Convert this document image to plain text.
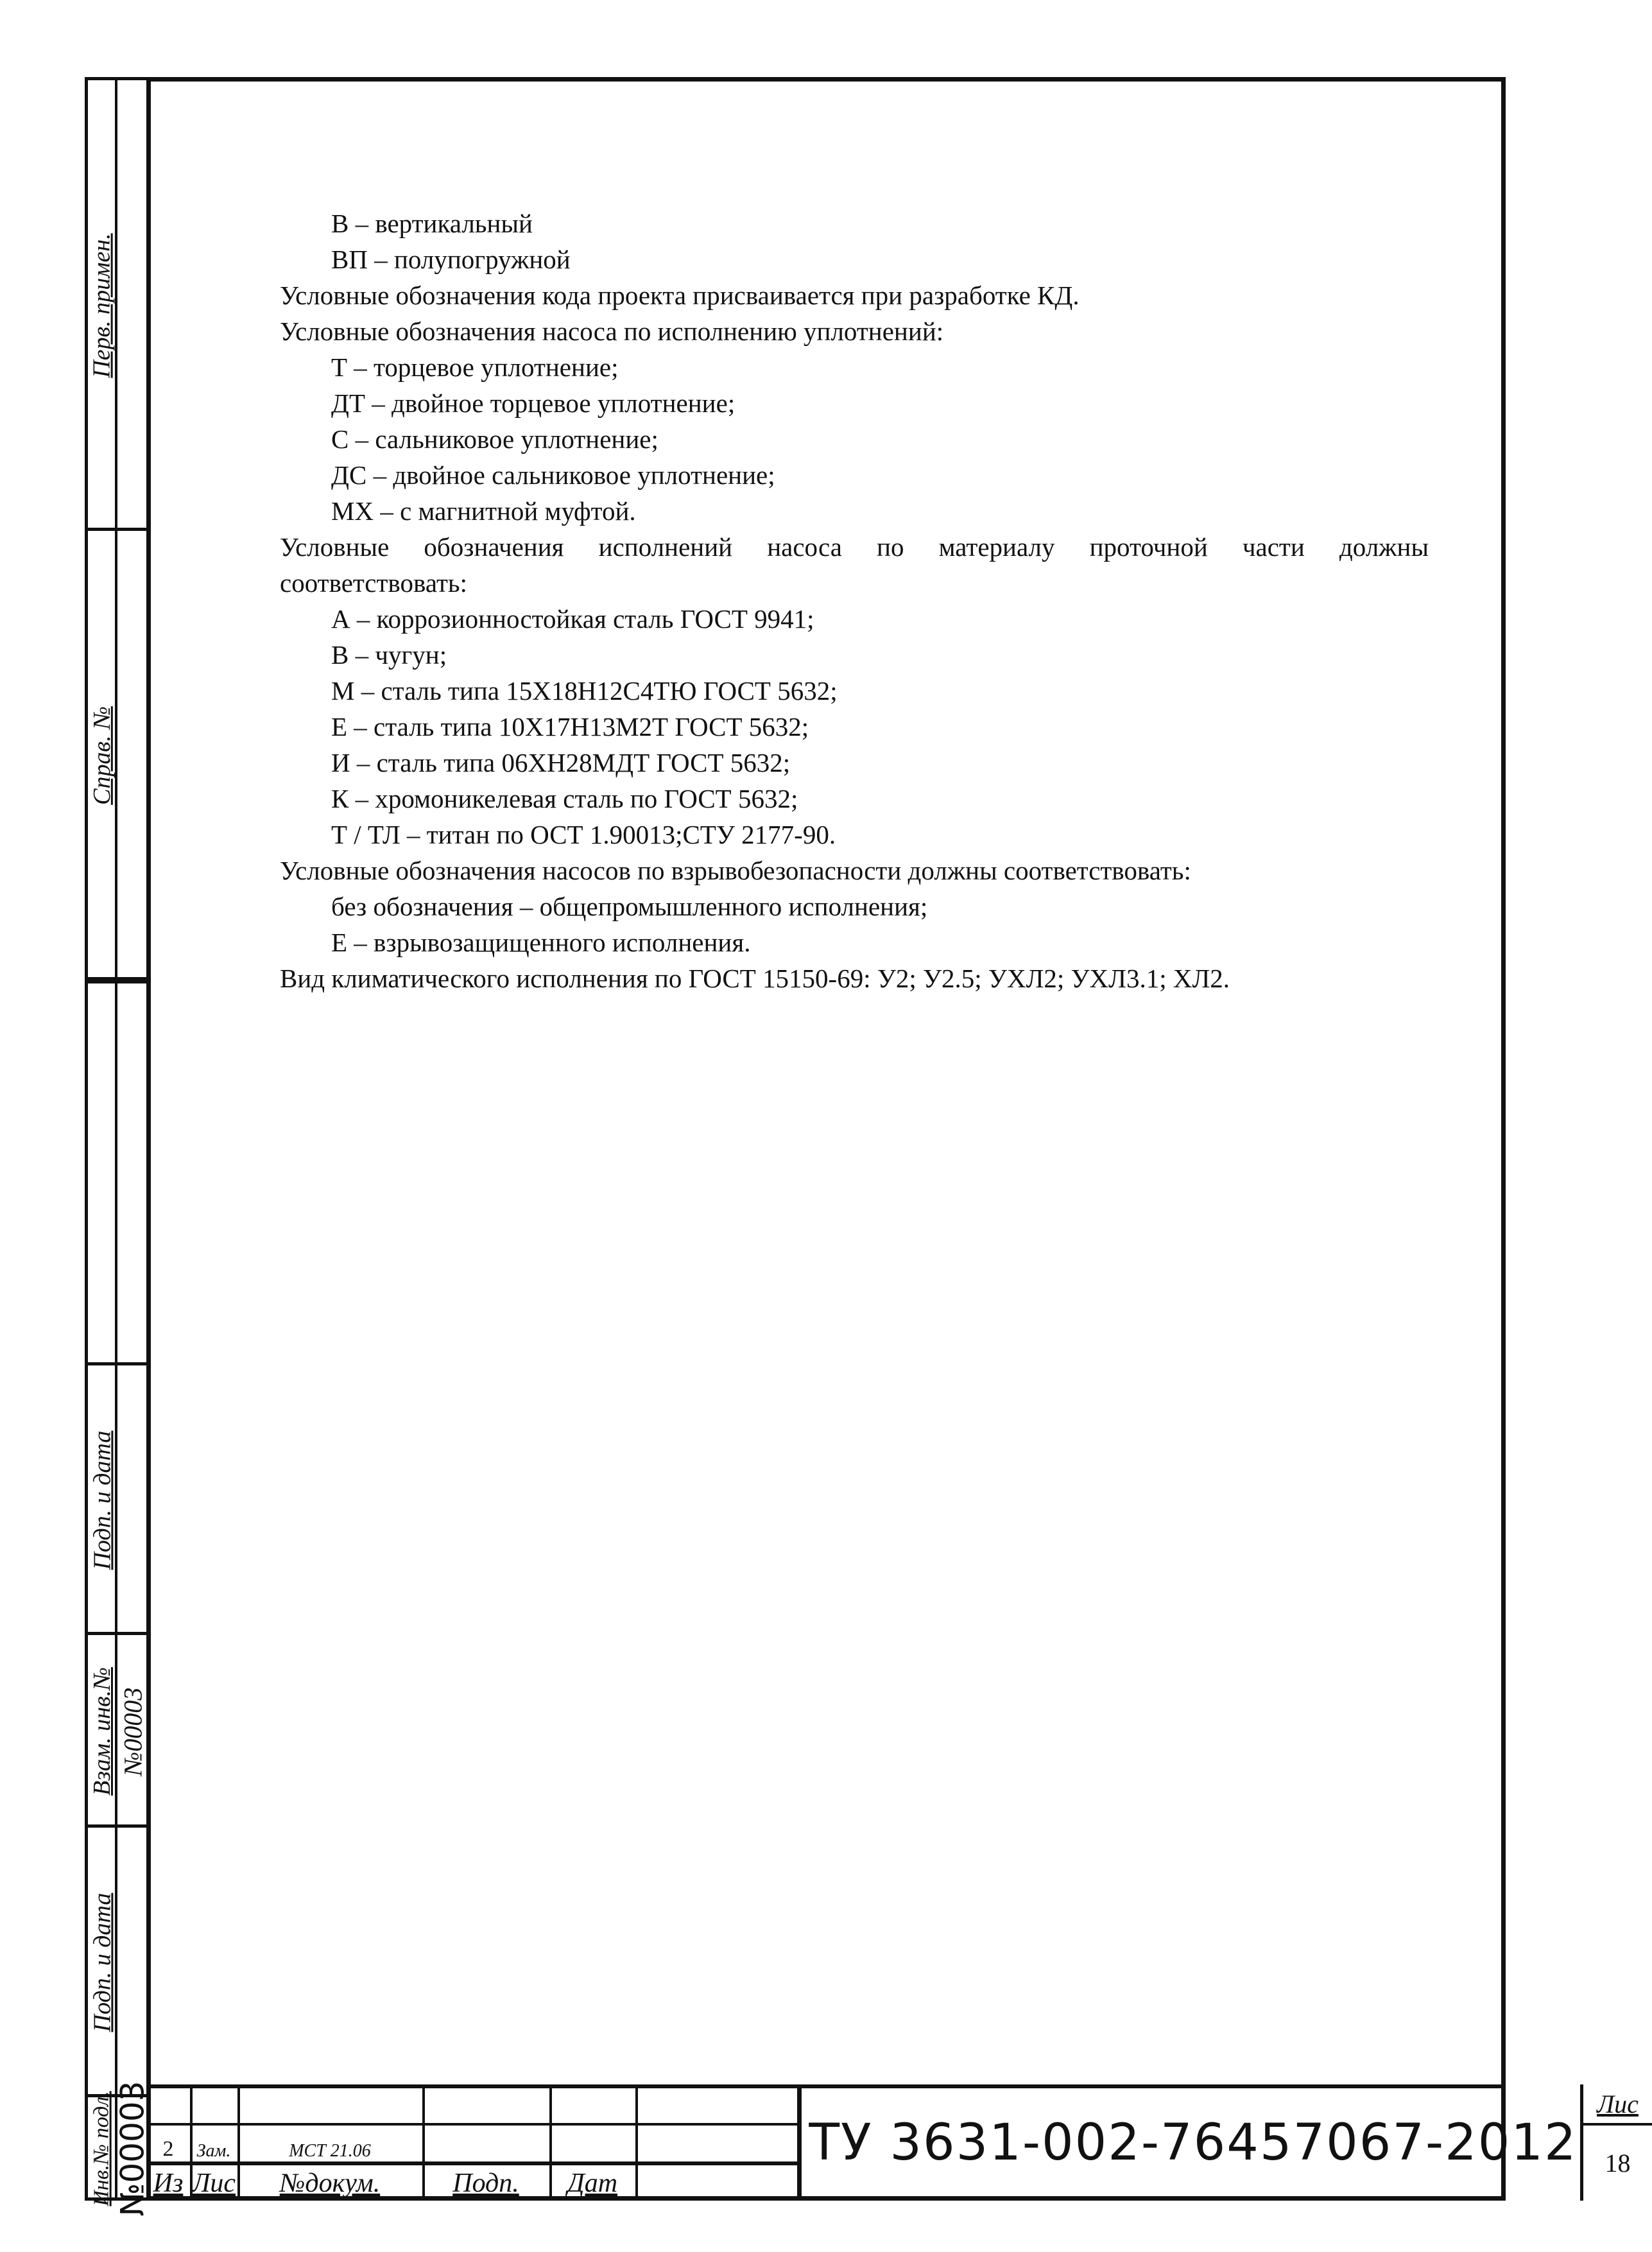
Перв. примен.
Справ. №
Подп. и дата
Взам. инв.№ №00003
Подп. и дата
Инв.№ подл. №00003

В – вертикальный

ВП – полупогружной

Условные обозначения кода проекта присваивается при разработке КД.

Условные обозначения насоса по исполнению уплотнений:

Т – торцевое уплотнение;

ДТ – двойное торцевое уплотнение;

С – сальниковое уплотнение;

ДС – двойное сальниковое уплотнение;

МХ – с магнитной муфтой.

Условные обозначения исполнений насоса по материалу проточной части должны

соответствовать:

А – коррозионностойкая сталь ГОСТ 9941;

В – чугун;

М – сталь типа 15Х18Н12С4ТЮ ГОСТ 5632;

Е – сталь типа 10Х17Н13М2Т ГОСТ 5632;

И – сталь типа 06ХН28МДТ ГОСТ 5632;

К – хромоникелевая сталь по ГОСТ 5632;

Т / ТЛ – титан по ОСТ 1.90013;СТУ 2177-90.

Условные обозначения насосов по взрывобезопасности должны соответствовать:

без обозначения – общепромышленного исполнения;

Е – взрывозащищенного исполнения.

Вид климатического исполнения по ГОСТ 15150-69: У2; У2.5; УХЛ2; УХЛ3.1; ХЛ2.

2	Зам.	МСТ 21.06
Из Лис	№докум.	Подп.	Дат
ТУ 3631-002-76457067-2012
Лис
18
